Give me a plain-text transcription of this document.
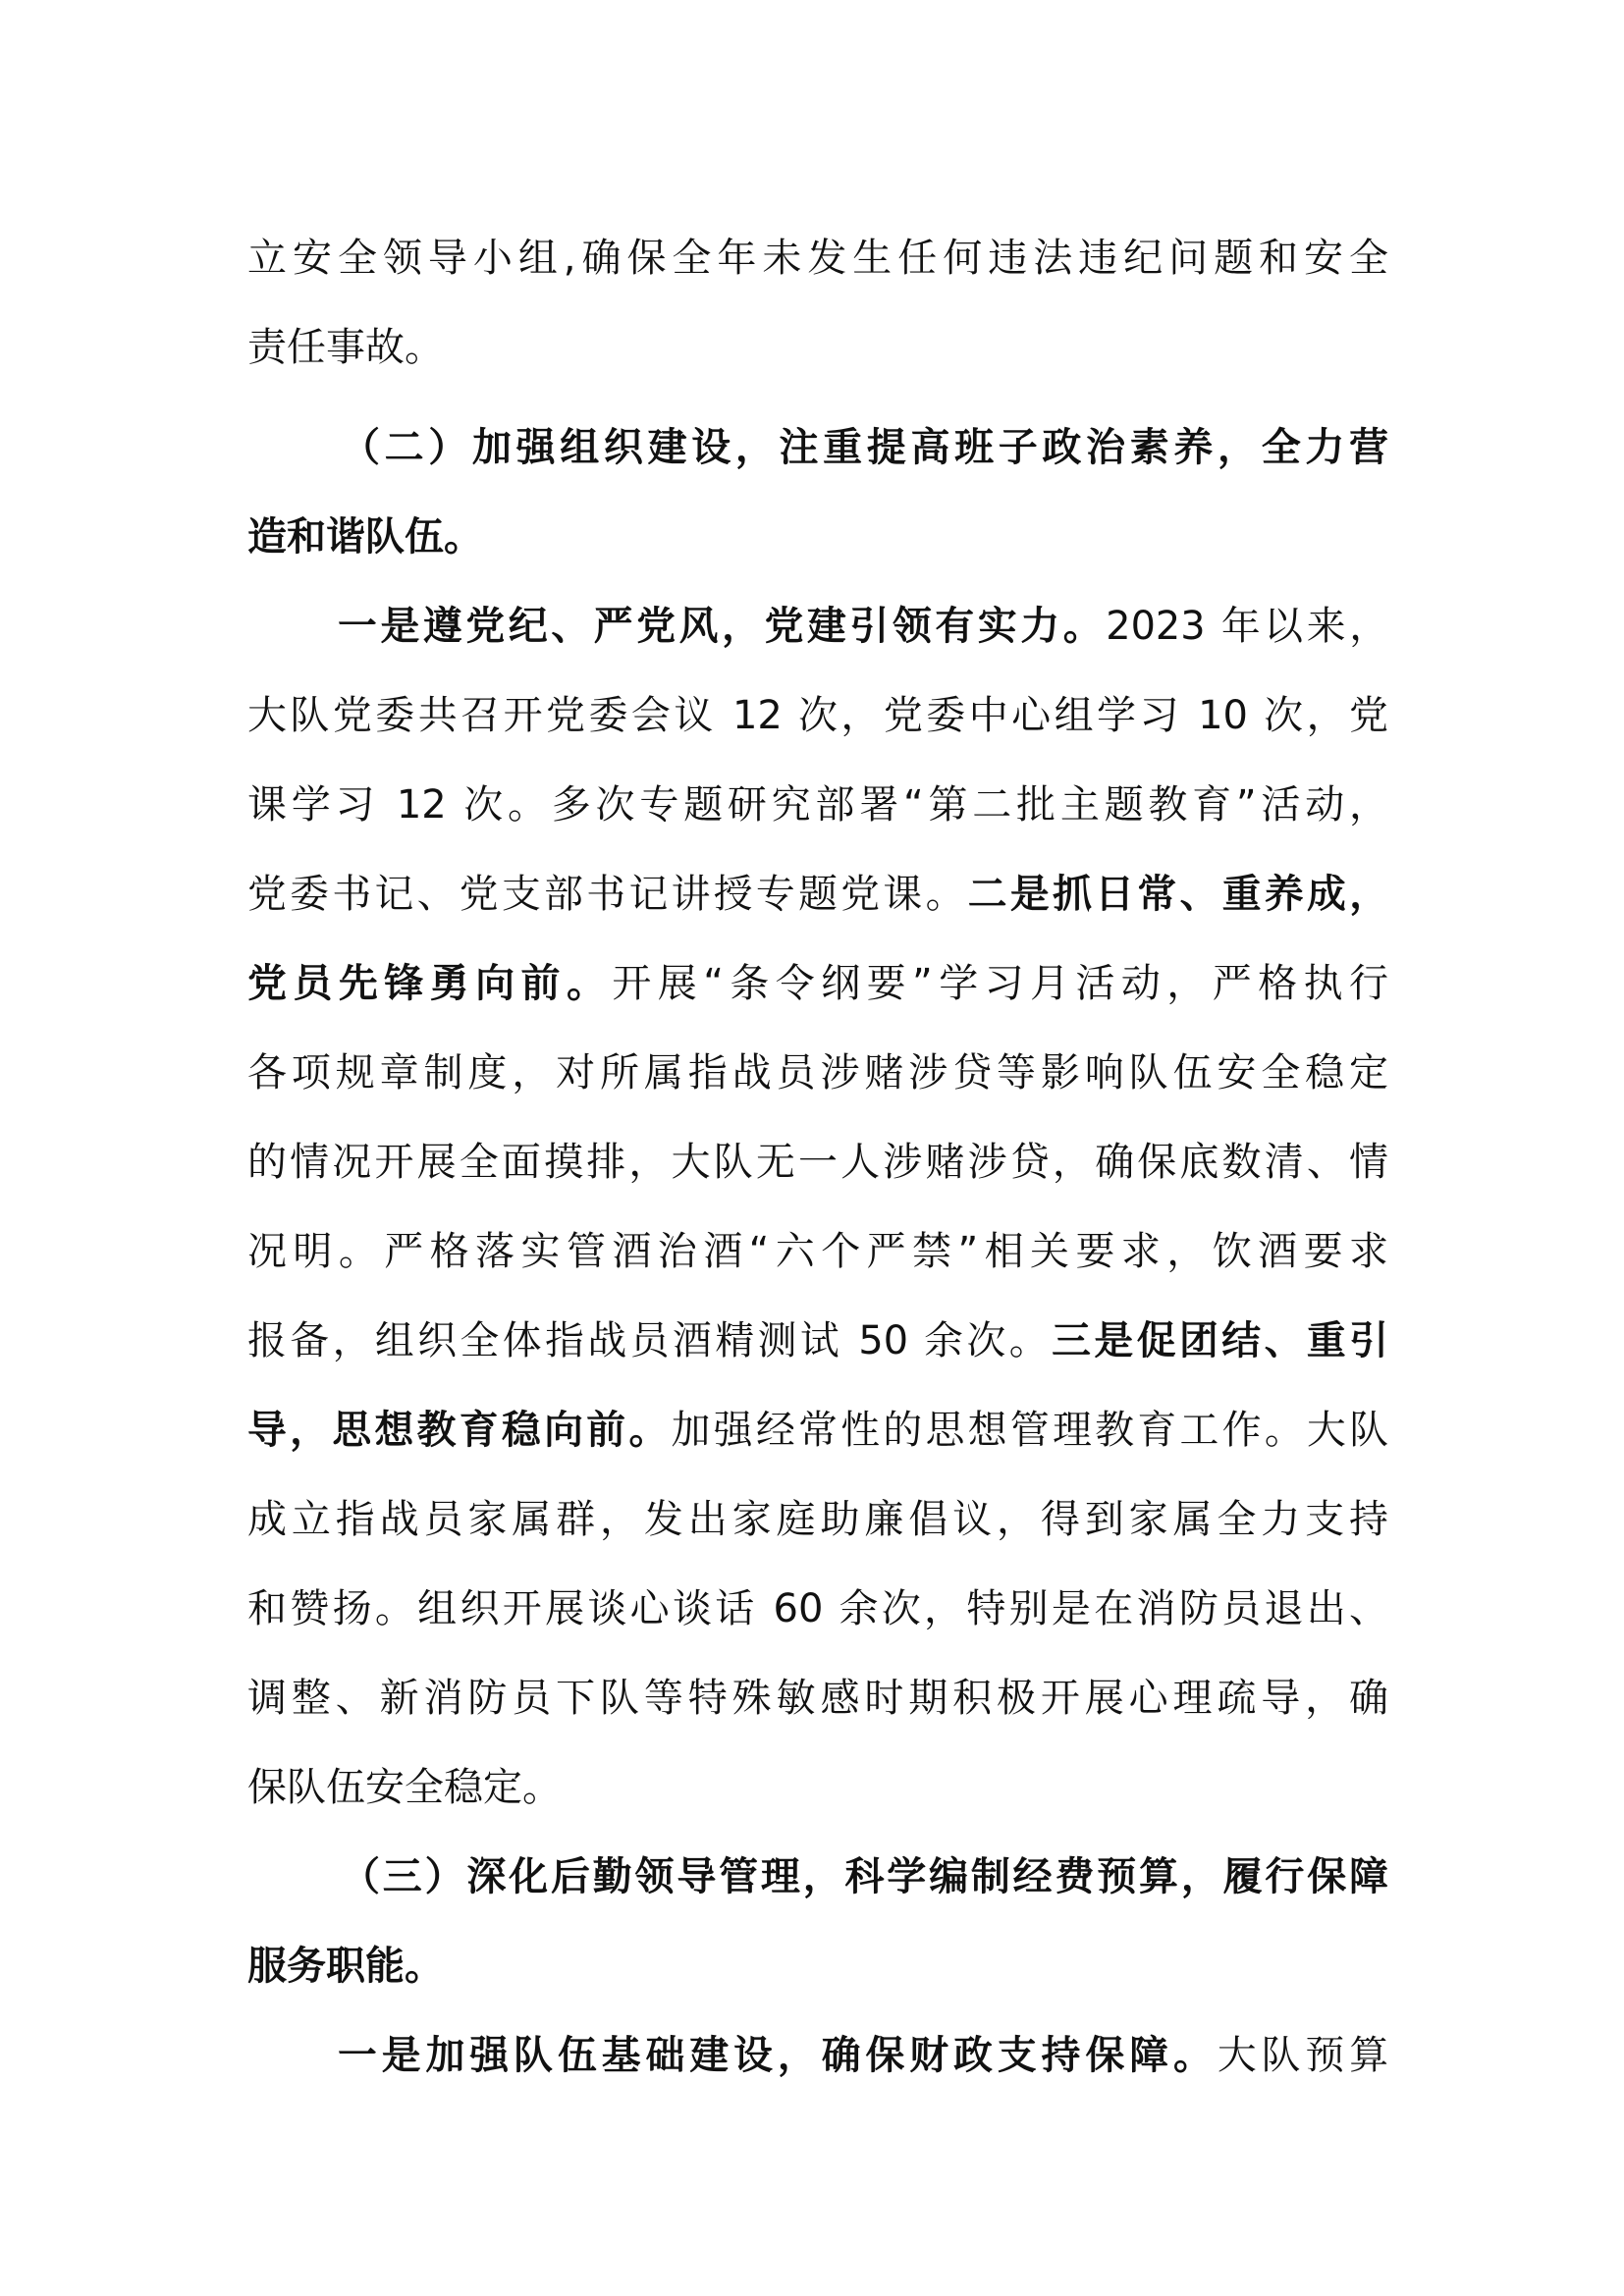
立安全领导小组,确保全年未发生任何违法违纪问题和安全
责任事故。
（二）加强组织建设，注重提高班子政治素养，全力营
造和谐队伍。
一是遵党纪、严党风，党建引领有实力。2023 年以来，
大队党委共召开党委会议 12 次，党委中心组学习 10 次，党
课学习 12 次。多次专题研究部署“第二批主题教育”活动，
党委书记、党支部书记讲授专题党课。二是抓日常、重养成，
党员先锋勇向前。开展“条令纲要”学习月活动，严格执行
各项规章制度，对所属指战员涉赌涉贷等影响队伍安全稳定
的情况开展全面摸排，大队无一人涉赌涉贷，确保底数清、情
况明。严格落实管酒治酒“六个严禁”相关要求，饮酒要求
报备，组织全体指战员酒精测试 50 余次。三是促团结、重引
导，思想教育稳向前。加强经常性的思想管理教育工作。大队
成立指战员家属群，发出家庭助廉倡议，得到家属全力支持
和赞扬。组织开展谈心谈话 60 余次，特别是在消防员退出、
调整、新消防员下队等特殊敏感时期积极开展心理疏导，确
保队伍安全稳定。
（三）深化后勤领导管理，科学编制经费预算，履行保障
服务职能。
一是加强队伍基础建设，确保财政支持保障。大队预算
